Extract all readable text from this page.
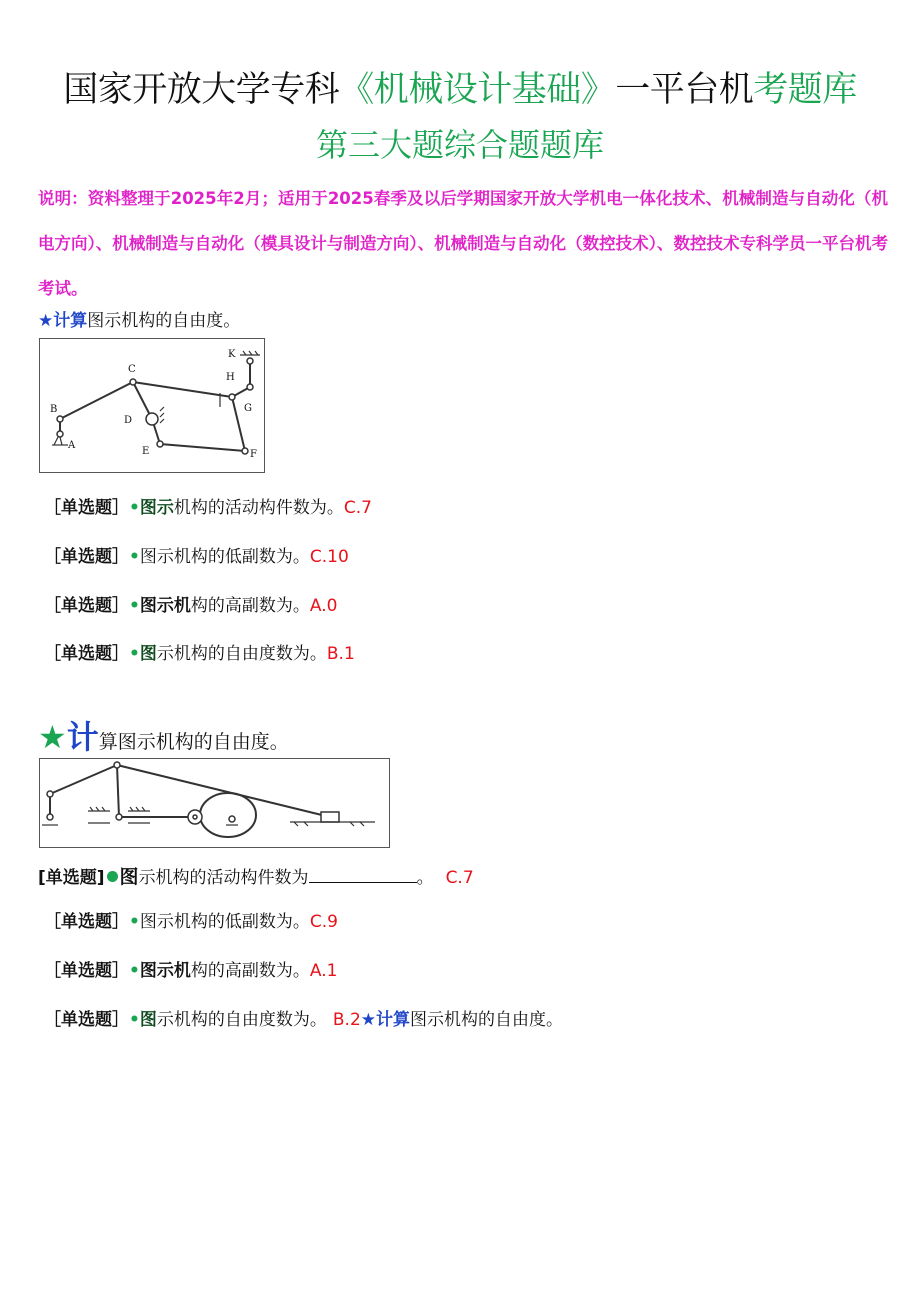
国家开放大学专科《机械设计基础》一平台机考题库
第三大题综合题题库
说明：资料整理于2025年2月；适用于2025春季及以后学期国家开放大学机电一体化技术、机械制造与自动化（机电方向）、机械制造与自动化（模具设计与制造方向）、机械制造与自动化（数控技术）、数控技术专科学员一平台机考考试。
★计算图示机构的自由度。
K
H
C
G
B
D
A
E	F
［单选题］•图示机构的活动构件数为。C.7
［单选题］•图示机构的低副数为。C.10
［单选题］•图示机构的高副数为。A.0
［单选题］•图示机构的自由度数为。B.1
★计算图示机构的自由度。
[单选题] 图示机构的活动构件数为	。 C.7
［单选题］•图示机构的低副数为。C.9
［单选题］•图示机构的高副数为。A.1
［单选题］•图示机构的自由度数为。 B.2★计算图示机构的自由度。
